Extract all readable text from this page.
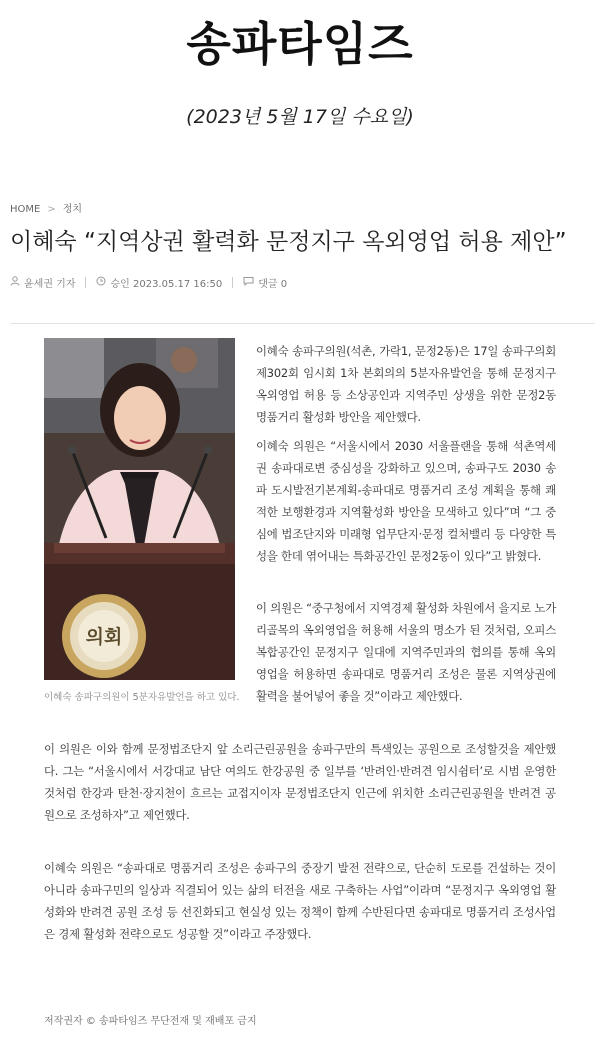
송파타임즈
(2023년 5월 17일 수요일)
HOME > 정치
이혜숙 “지역상권 활력화 문정지구 옥외영업 허용 제안”
윤세권 기자	승인 2023.05.17 16:50	댓글 0
의회
이혜숙 송파구의원이 5분자유발언을 하고 있다.
이혜숙 송파구의원(석촌, 가락1, 문정2동)은 17일 송파구의회 제302회 임시회 1차 본회의의 5분자유발언을 통해 문정지구 옥외영업 허용 등 소상공인과 지역주민 상생을 위한 문정2동 명품거리 활성화 방안을 제안했다.
이혜숙 의원은 “서울시에서 2030 서울플랜을 통해 석촌역세권 송파대로변 중심성을 강화하고 있으며, 송파구도 2030 송파 도시발전기본계획-송파대로 명품거리 조성 계획을 통해 쾌적한 보행환경과 지역활성화 방안을 모색하고 있다”며 “그 중심에 법조단지와 미래형 업무단지·문정 컬처밸리 등 다양한 특성을 한데 엮어내는 특화공간인 문정2동이 있다”고 밝혔다.
이 의원은 “중구청에서 지역경제 활성화 차원에서 을지로 노가리골목의 옥외영업을 허용해 서울의 명소가 된 것처럼, 오피스 복합공간인 문정지구 일대에 지역주민과의 협의를 통해 옥외영업을 허용하면 송파대로 명품거리 조성은 물론 지역상권에 활력을 불어넣어 좋을 것”이라고 제안했다.
이 의원은 이와 함께 문정법조단지 앞 소리근린공원을 송파구만의 특색있는 공원으로 조성할것을 제안했다. 그는 “서울시에서 서강대교 남단 여의도 한강공원 중 일부를 ‘반려인·반려견 임시쉼터’로 시범 운영한 것처럼 한강과 탄천·장지천이 흐르는 교접지이자 문정법조단지 인근에 위치한 소리근린공원을 반려견 공원으로 조성하자”고 제언했다.
이혜숙 의원은 “송파대로 명품거리 조성은 송파구의 중장기 발전 전략으로, 단순히 도로를 건설하는 것이 아니라 송파구민의 일상과 직결되어 있는 삶의 터전을 새로 구축하는 사업”이라며 “문정지구 옥외영업 활성화와 반려견 공원 조성 등 선진화되고 현실성 있는 정책이 함께 수반된다면 송파대로 명품거리 조성사업은 경제 활성화 전략으로도 성공할 것”이라고 주장했다.
저작권자 © 송파타임즈 무단전재 및 재배포 금지
